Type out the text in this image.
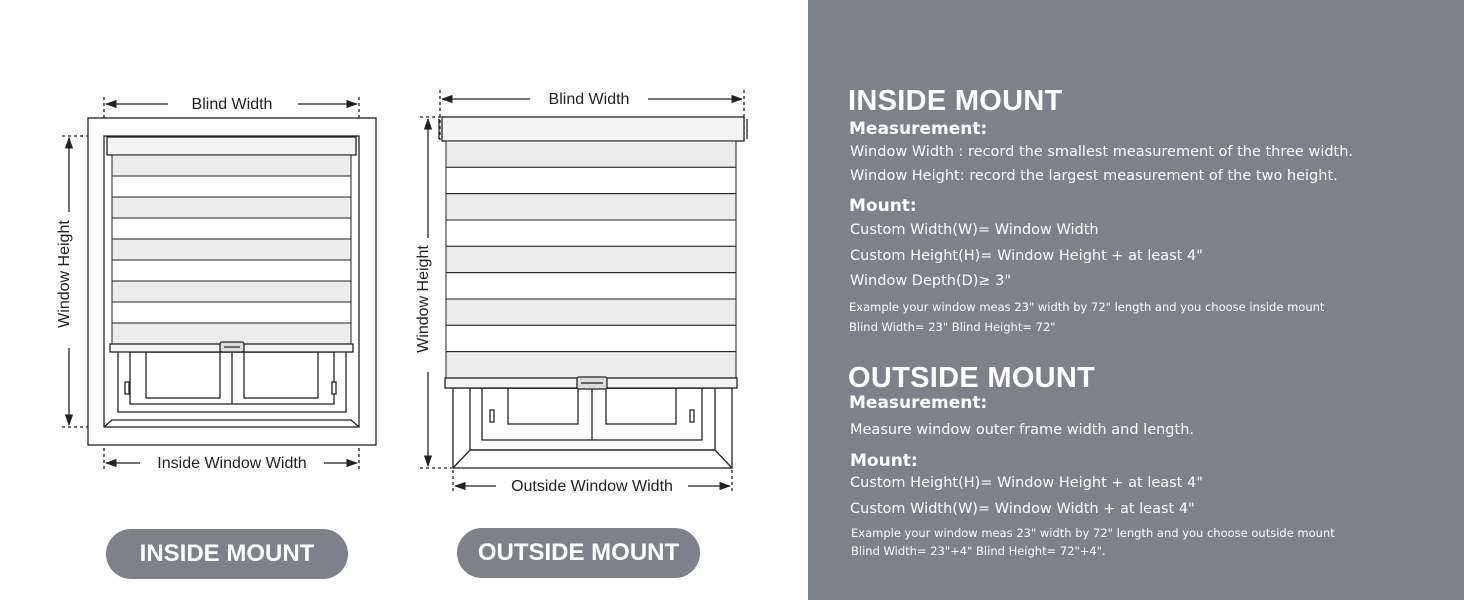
Blind Width
Window Height
Inside Window Width
Blind Width
Window Height
Outside Window Width
INSIDE MOUNT	OUTSIDE MOUNT
INSIDE MOUNT
Measurement:
Window Width : record the smallest measurement of the three width.
Window Height: record the largest measurement of the two height.
Mount:
Custom Width(W)= Window Width
Custom Height(H)= Window Height + at least 4"
Window Depth(D)≥ 3"
Example your window meas 23" width by 72" length and you choose inside mount
Blind Width= 23" Blind Height= 72"
OUTSIDE MOUNT
Measurement:
Measure window outer frame width and length.
Mount:
Custom Height(H)= Window Height + at least 4"
Custom Width(W)= Window Width + at least 4"
Example your window meas 23" width by 72" length and you choose outside mount
Blind Width= 23"+4" Blind Height= 72"+4".
